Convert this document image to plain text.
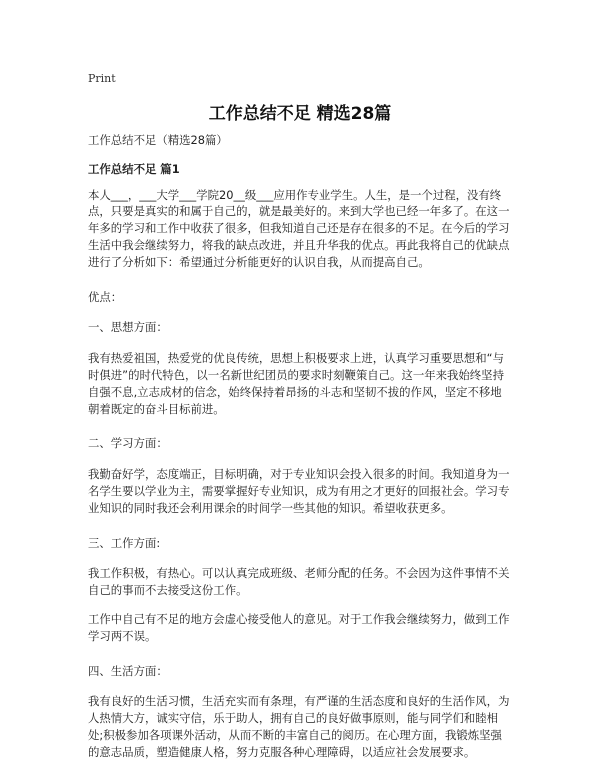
Print
工作总结不足 精选28篇

工作总结不足（精选28篇）

工作总结不足 篇1

本人___，___大学___学院20__级___应用作专业学生。人生，是一个过程，没有终点，只要是真实的和属于自己的，就是最美好的。来到大学也已经一年多了。在这一年多的学习和工作中收获了很多，但我知道自己还是存在很多的不足。在今后的学习生活中我会继续努力，将我的缺点改进，并且升华我的优点。再此我将自己的优缺点进行了分析如下：希望通过分析能更好的认识自我，从而提高自己。

优点：

一、思想方面：

我有热爱祖国，热爱党的优良传统，思想上积极要求上进，认真学习重要思想和“与时俱进”的时代特色，以一名新世纪团员的要求时刻鞭策自己。这一年来我始终坚持自强不息,立志成材的信念，始终保持着昂扬的斗志和坚韧不拔的作风，坚定不移地朝着既定的奋斗目标前进。

二、学习方面：

我勤奋好学，态度端正，目标明确，对于专业知识会投入很多的时间。我知道身为一名学生要以学业为主，需要掌握好专业知识，成为有用之才更好的回报社会。学习专业知识的同时我还会利用课余的时间学一些其他的知识。希望收获更多。

三、工作方面:

我工作积极，有热心。可以认真完成班级、老师分配的任务。不会因为这件事情不关自己的事而不去接受这份工作。

工作中自己有不足的地方会虚心接受他人的意见。对于工作我会继续努力，做到工作学习两不误。

四、生活方面：

我有良好的生活习惯，生活充实而有条理，有严谨的生活态度和良好的生活作风，为人热情大方，诚实守信，乐于助人，拥有自己的良好做事原则，能与同学们和睦相处;积极参加各项课外活动，从而不断的丰富自己的阅历。在心理方面，我锻炼坚强的意志品质，塑造健康人格，努力克服各种心理障碍，以适应社会发展要求。
